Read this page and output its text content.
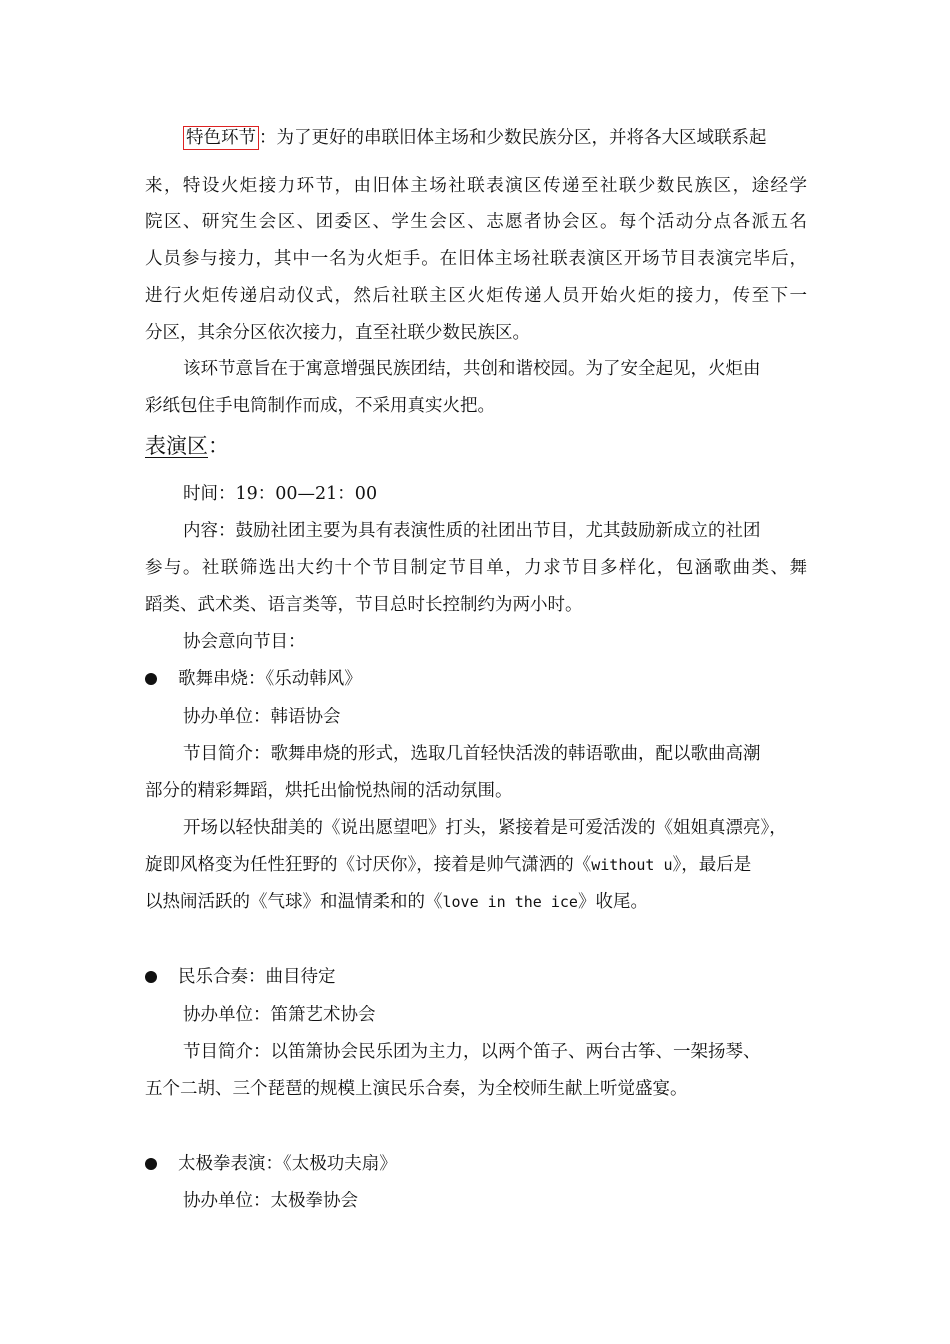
特色环节 ：为了更好的串联旧体主场和少数民族分区，并将各大区域联系起
来，特设火炬接力环节，由旧体主场社联表演区传递至社联少数民族区，途经学
院区、研究生会区、团委区、学生会区、志愿者协会区。每个活动分点各派五名
人员参与接力，其中一名为火炬手。在旧体主场社联表演区开场节目表演完毕后，
进行火炬传递启动仪式，然后社联主区火炬传递人员开始火炬的接力，传至下一
分区，其余分区依次接力，直至社联少数民族区。
该环节意旨在于寓意增强民族团结，共创和谐校园。为了安全起见，火炬由
彩纸包住手电筒制作而成，不采用真实火把。
表演区：
时间：19：00—21：00
内容：鼓励社团主要为具有表演性质的社团出节目，尤其鼓励新成立的社团
参与。社联筛选出大约十个节目制定节目单，力求节目多样化，包涵歌曲类、舞
蹈类、武术类、语言类等，节目总时长控制约为两小时。
协会意向节目：
歌舞串烧：《乐动韩风》
协办单位：韩语协会
节目简介：歌舞串烧的形式，选取几首轻快活泼的韩语歌曲，配以歌曲高潮
部分的精彩舞蹈，烘托出愉悦热闹的活动氛围。
开场以轻快甜美的《说出愿望吧》打头，紧接着是可爱活泼的《姐姐真漂亮》，
旋即风格变为任性狂野的《讨厌你》，接着是帅气潇洒的《without u》，最后是
以热闹活跃的《气球》和温情柔和的《love in the ice》收尾。
民乐合奏：曲目待定
协办单位：笛箫艺术协会
节目简介：以笛箫协会民乐团为主力，以两个笛子、两台古筝、一架扬琴、
五个二胡、三个琵琶的规模上演民乐合奏，为全校师生献上听觉盛宴。
太极拳表演：《太极功夫扇》
协办单位：太极拳协会
